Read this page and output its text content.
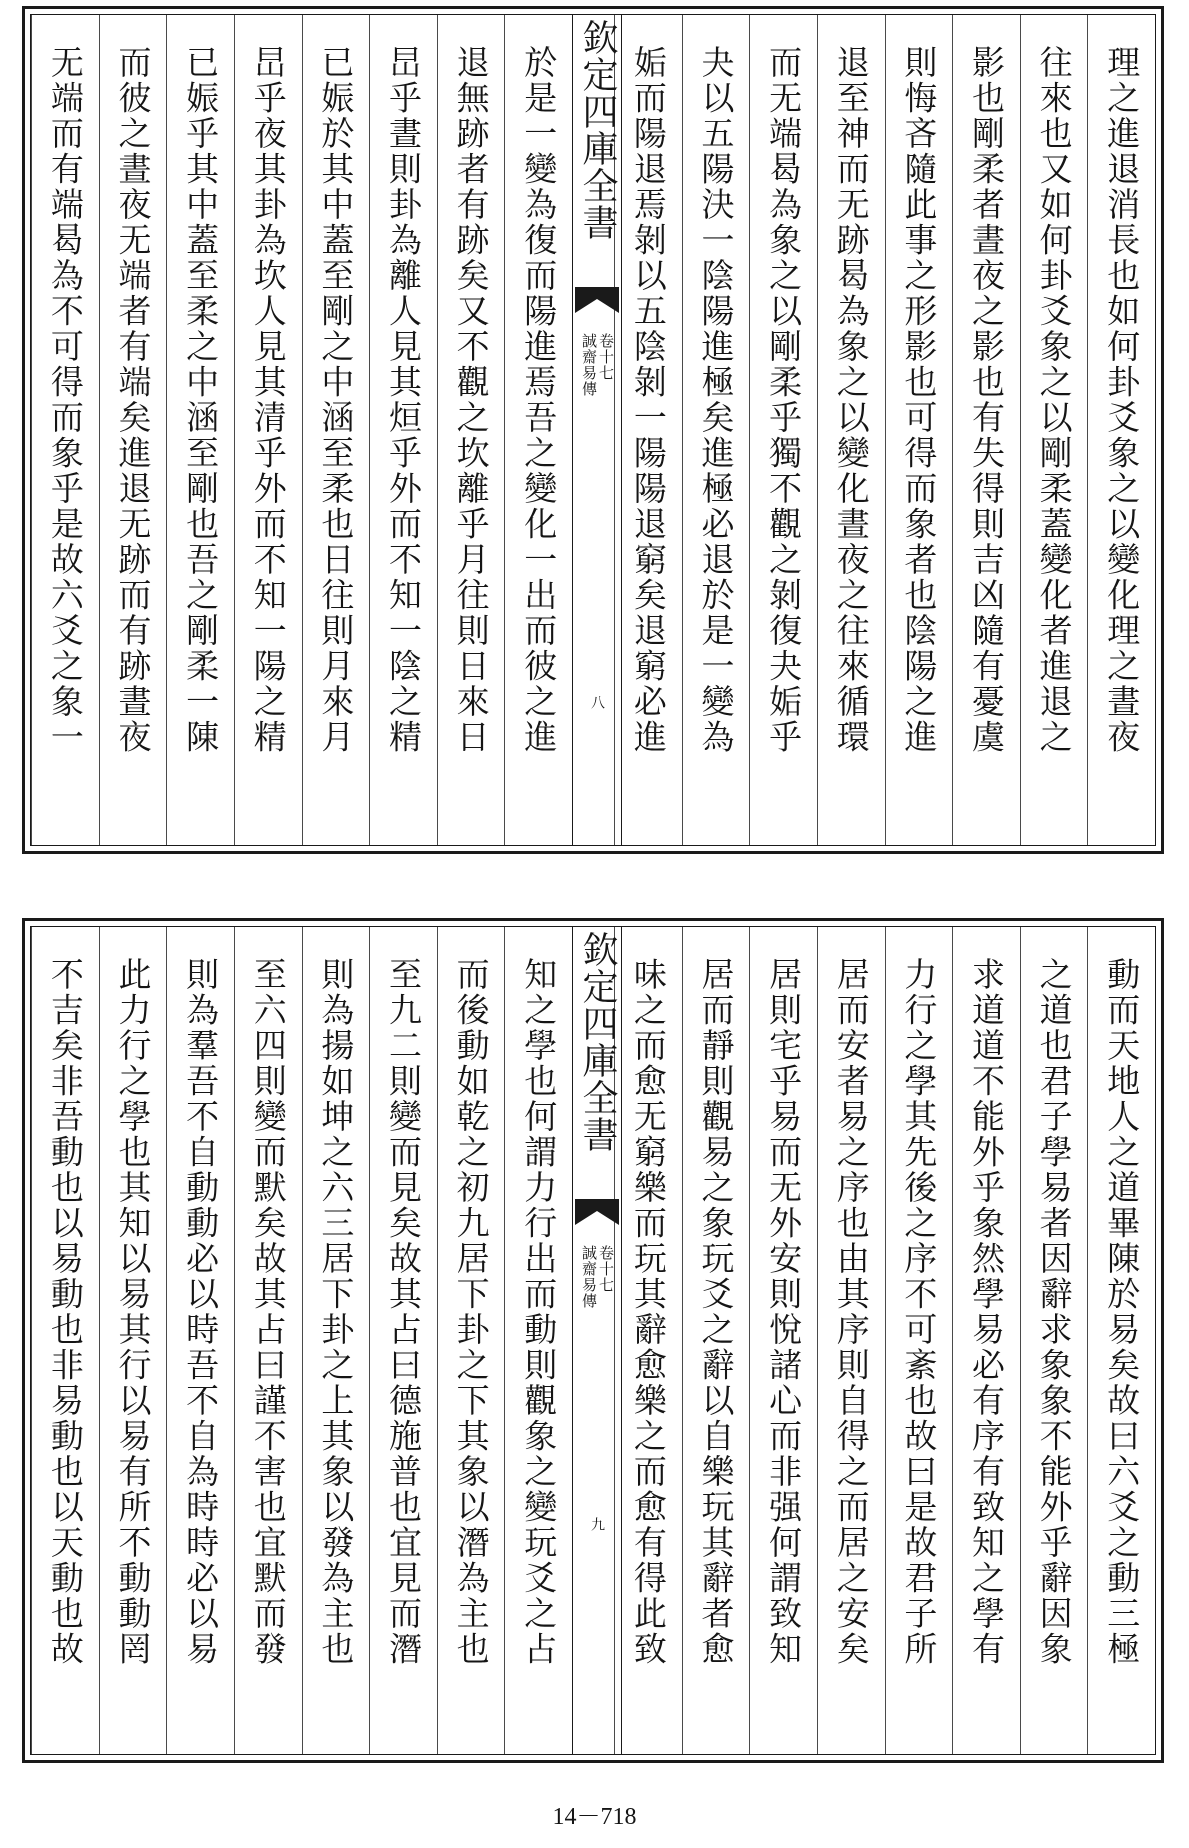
理之進退消長也如何卦爻象之以變化理之晝夜
往來也又如何卦爻象之以剛柔蓋變化者進退之
影也剛柔者晝夜之影也有失得則吉凶隨有憂虞
則悔吝隨此事之形影也可得而象者也陰陽之進
退至神而无跡曷為象之以變化晝夜之往來循環
而无端曷為象之以剛柔乎獨不觀之剝復夬姤乎
夬以五陽決一陰陽進極矣進極必退於是一變為
姤而陽退焉剝以五陰剝一陽陽退窮矣退窮必進
欽定四庫全書
誠齋易傳 卷十七
八
於是一變為復而陽進焉吾之變化一出而彼之進
退無跡者有跡矣又不觀之坎離乎月往則日來日
旵乎晝則卦為離人見其烜乎外而不知一陰之精
已娠於其中蓋至剛之中涵至柔也日往則月來月
旵乎夜其卦為坎人見其清乎外而不知一陽之精
已娠乎其中蓋至柔之中涵至剛也吾之剛柔一陳
而彼之晝夜无端者有端矣進退无跡而有跡晝夜
无端而有端曷為不可得而象乎是故六爻之象一
動而天地人之道畢陳於易矣故曰六爻之動三極
之道也君子學易者因辭求象象不能外乎辭因象
求道道不能外乎象然學易必有序有致知之學有
力行之學其先後之序不可紊也故曰是故君子所
居而安者易之序也由其序則自得之而居之安矣
居則宅乎易而无外安則悅諸心而非强何謂致知
居而靜則觀易之象玩爻之辭以自樂玩其辭者愈
味之而愈无窮樂而玩其辭愈樂之而愈有得此致
欽定四庫全書
誠齋易傳 卷十七
九
知之學也何謂力行出而動則觀象之變玩爻之占
而後動如乾之初九居下卦之下其象以潛為主也
至九二則變而見矣故其占曰德施普也宜見而潛
則為揚如坤之六三居下卦之上其象以發為主也
至六四則變而默矣故其占曰謹不害也宜默而發
則為羣吾不自動動必以時吾不自為時時必以易
此力行之學也其知以易其行以易有所不動動罔
不吉矣非吾動也以易動也非易動也以天動也故
14－718
